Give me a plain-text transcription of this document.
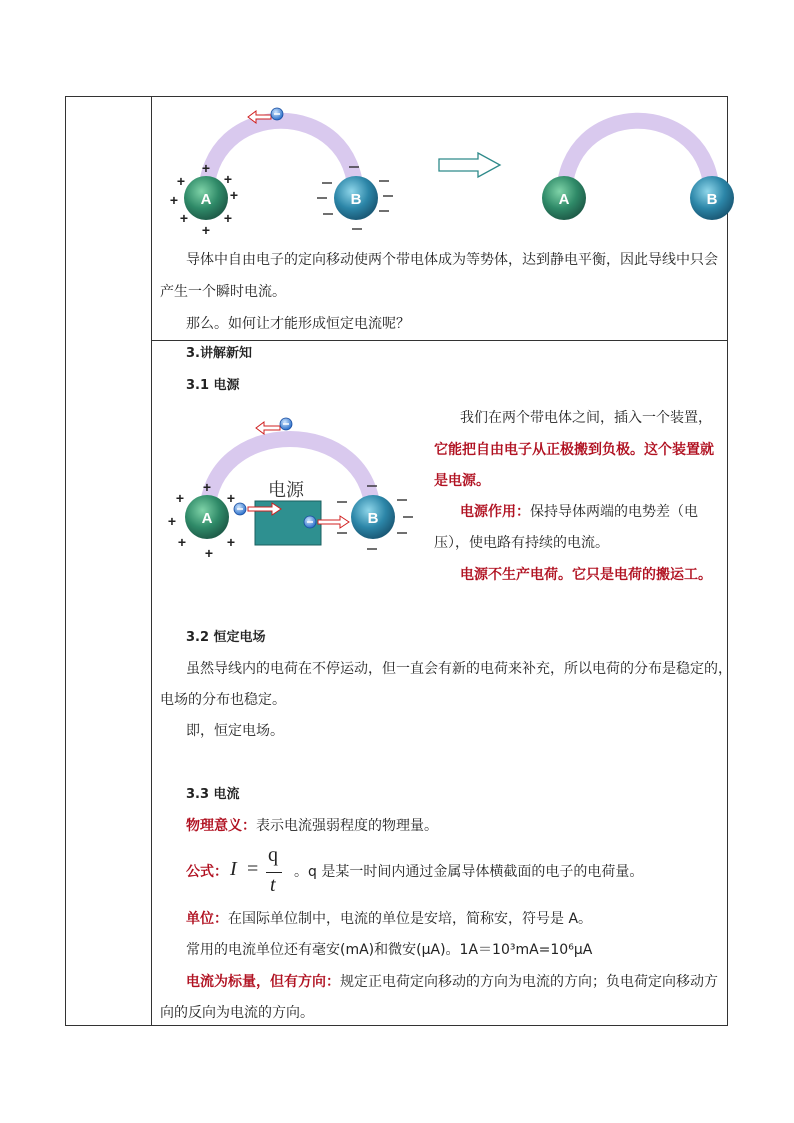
A	B
+
+	+
+	+
+	+
+
A	B
导体中自由电子的定向移动使两个带电体成为等势体，达到静电平衡，因此导线中只会
产生一个瞬时电流。
那么。如何让才能形成恒定电流呢？
3.讲解新知
3.1 电源
电源
A	B
+
+	+
+
+	+
+
我们在两个带电体之间，插入一个装置，
它能把自由电子从正极搬到负极。这个装置就
是电源。
电源作用：保持导体两端的电势差（电
压），使电路有持续的电流。
电源不生产电荷。它只是电荷的搬运工。
3.2 恒定电场
虽然导线内的电荷在不停运动，但一直会有新的电荷来补充，所以电荷的分布是稳定的，
电场的分布也稳定。
即，恒定电场。
3.3 电流
物理意义：表示电流强弱程度的物理量。
公式： I =
q
t
。q 是某一时间内通过金属导体横截面的电子的电荷量。
单位：在国际单位制中，电流的单位是安培，简称安，符号是 A。
常用的电流单位还有毫安(mA)和微安(μA)。1A＝10³mA=10⁶μA
电流为标量，但有方向：规定正电荷定向移动的方向为电流的方向；负电荷定向移动方
向的反向为电流的方向。
